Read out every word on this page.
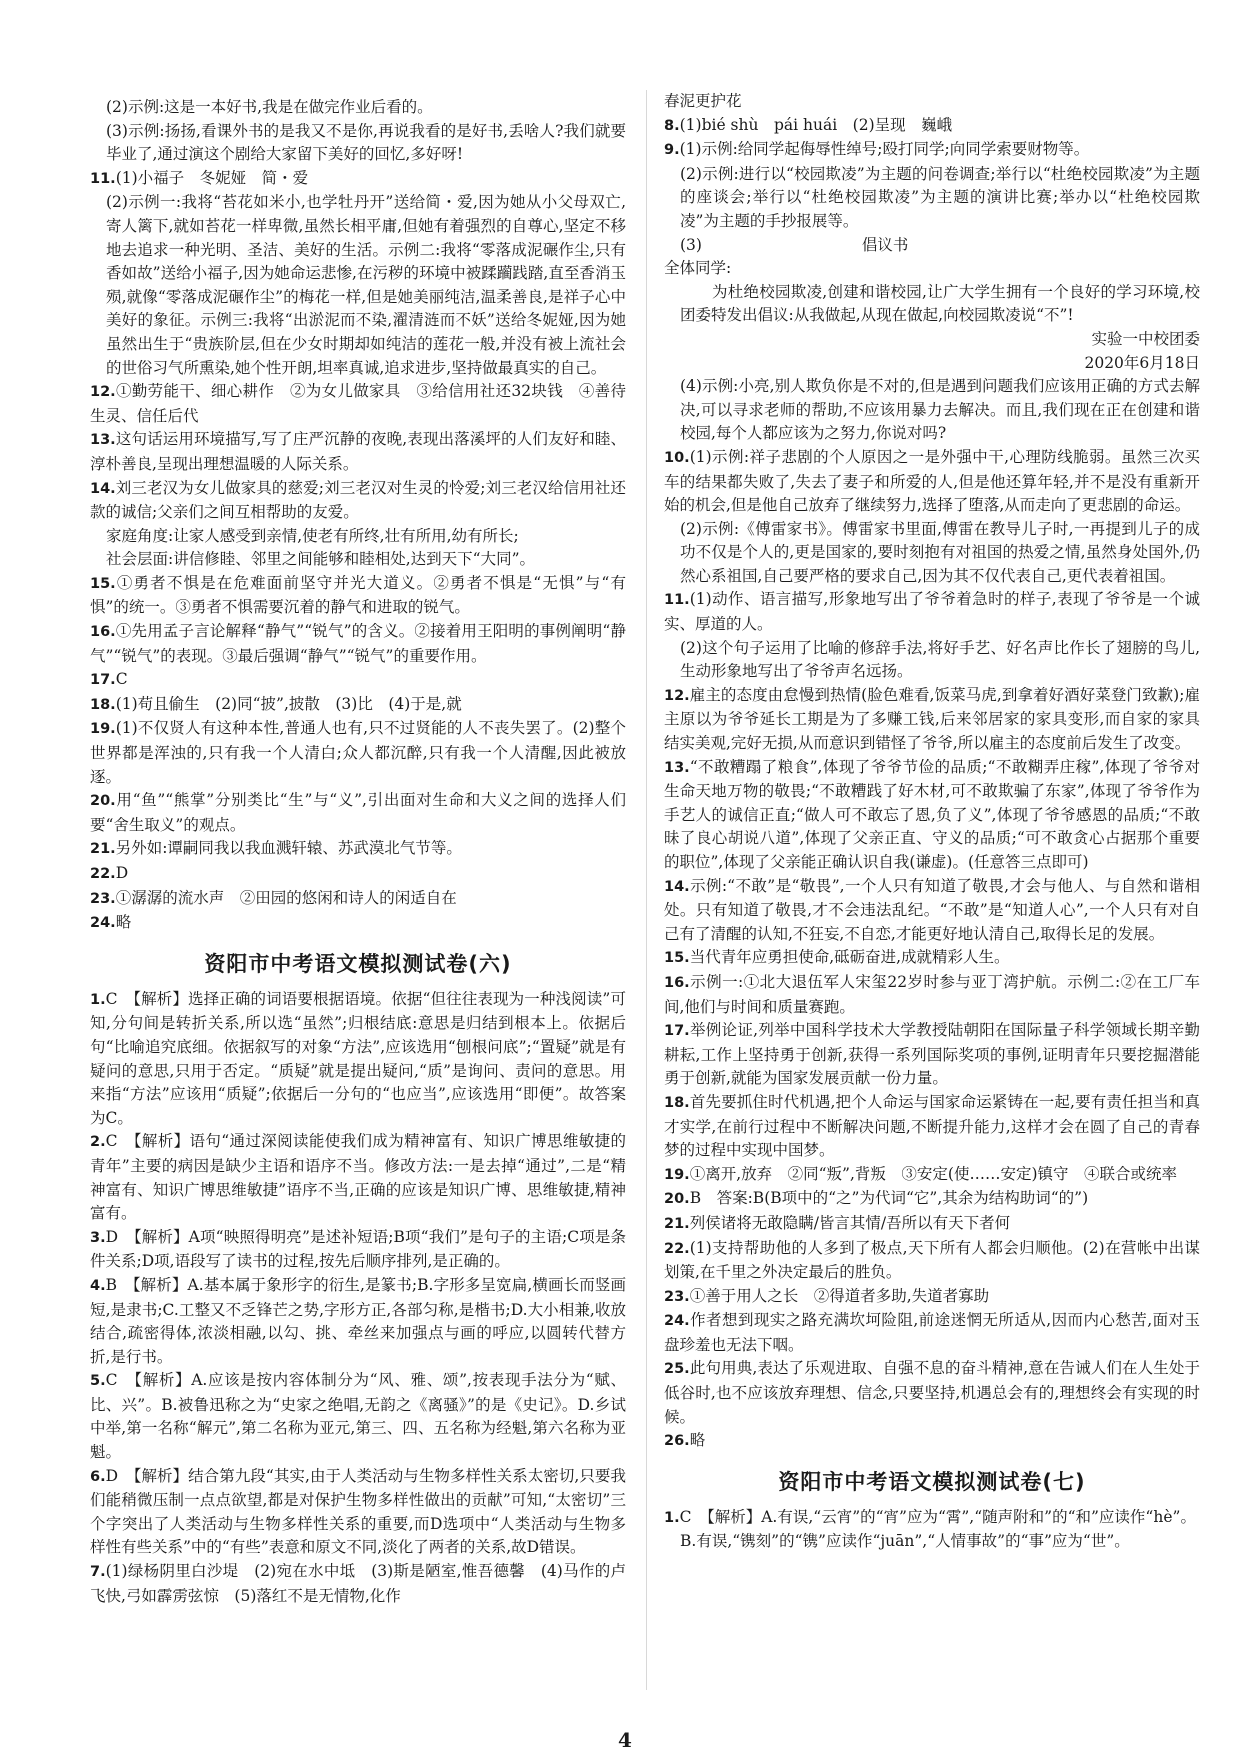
(2)示例:这是一本好书,我是在做完作业后看的。

(3)示例:扬扬,看课外书的是我又不是你,再说我看的是好书,丢啥人?我们就要毕业了,通过演这个剧给大家留下美好的回忆,多好呀!

11.(1)小福子　冬妮娅　简・爱

(2)示例一:我将“苔花如米小,也学牡丹开”送给简・爱,因为她从小父母双亡,寄人篱下,就如苔花一样卑微,虽然长相平庸,但她有着强烈的自尊心,坚定不移地去追求一种光明、圣洁、美好的生活。示例二:我将“零落成泥碾作尘,只有香如故”送给小福子,因为她命运悲惨,在污秽的环境中被蹂躏践踏,直至香消玉殒,就像“零落成泥碾作尘”的梅花一样,但是她美丽纯洁,温柔善良,是祥子心中美好的象征。示例三:我将“出淤泥而不染,濯清涟而不妖”送给冬妮娅,因为她虽然出生于“贵族阶层,但在少女时期却如纯洁的莲花一般,并没有被上流社会的世俗习气所熏染,她个性开朗,坦率真诚,追求进步,坚持做最真实的自己。

12.①勤劳能干、细心耕作　②为女儿做家具　③给信用社还32块钱　④善待生灵、信任后代

13.这句话运用环境描写,写了庄严沉静的夜晚,表现出落溪坪的人们友好和睦、淳朴善良,呈现出理想温暖的人际关系。

14.刘三老汉为女儿做家具的慈爱;刘三老汉对生灵的怜爱;刘三老汉给信用社还款的诚信;父亲们之间互相帮助的友爱。

家庭角度:让家人感受到亲情,使老有所终,壮有所用,幼有所长;

社会层面:讲信修睦、邻里之间能够和睦相处,达到天下“大同”。

15.①勇者不惧是在危难面前坚守并光大道义。②勇者不惧是“无惧”与“有惧”的统一。③勇者不惧需要沉着的静气和进取的锐气。

16.①先用孟子言论解释“静气”“锐气”的含义。②接着用王阳明的事例阐明“静气”“锐气”的表现。③最后强调“静气”“锐气”的重要作用。

17.C

18.(1)苟且偷生　(2)同“披”,披散　(3)比　(4)于是,就

19.(1)不仅贤人有这种本性,普通人也有,只不过贤能的人不丧失罢了。(2)整个世界都是浑浊的,只有我一个人清白;众人都沉醉,只有我一个人清醒,因此被放逐。

20.用“鱼”“熊掌”分别类比“生”与“义”,引出面对生命和大义之间的选择人们要“舍生取义”的观点。

21.另外如:谭嗣同我以我血溅轩辕、苏武漠北气节等。

22.D

23.①潺潺的流水声　②田园的悠闲和诗人的闲适自在

24.略

资阳市中考语文模拟测试卷(六)

1.C　【解析】选择正确的词语要根据语境。依据“但往往表现为一种浅阅读”可知,分句间是转折关系,所以选“虽然”;归根结底:意思是归结到根本上。依据后句“比喻追究底细。依据叙写的对象“方法”,应该选用“刨根问底”;“置疑”就是有疑问的意思,只用于否定。“质疑”就是提出疑问,“质”是询问、责问的意思。用来指“方法”应该用“质疑”;依据后一分句的“也应当”,应该选用“即便”。故答案为C。

2.C　【解析】语句“通过深阅读能使我们成为精神富有、知识广博思维敏捷的青年”主要的病因是缺少主语和语序不当。修改方法:一是去掉“通过”,二是“精神富有、知识广博思维敏捷”语序不当,正确的应该是知识广博、思维敏捷,精神富有。

3.D　【解析】A项“映照得明亮”是述补短语;B项“我们”是句子的主语;C项是条件关系;D项,语段写了读书的过程,按先后顺序排列,是正确的。

4.B　【解析】A.基本属于象形字的衍生,是篆书;B.字形多呈宽扁,横画长而竖画短,是隶书;C.工整又不乏锋芒之势,字形方正,各部匀称,是楷书;D.大小相兼,收放结合,疏密得体,浓淡相融,以勾、挑、牵丝来加强点与画的呼应,以圆转代替方折,是行书。

5.C　【解析】A.应该是按内容体制分为“风、雅、颂”,按表现手法分为“赋、比、兴”。B.被鲁迅称之为“史家之绝唱,无韵之《离骚》”的是《史记》。D.乡试中举,第一名称“解元”,第二名称为亚元,第三、四、五名称为经魁,第六名称为亚魁。

6.D　【解析】结合第九段“其实,由于人类活动与生物多样性关系太密切,只要我们能稍微压制一点点欲望,都是对保护生物多样性做出的贡献”可知,“太密切”三个字突出了人类活动与生物多样性关系的重要,而D选项中“人类活动与生物多样性有些关系”中的“有些”表意和原文不同,淡化了两者的关系,故D错误。

7.(1)绿杨阴里白沙堤　(2)宛在水中坻　(3)斯是陋室,惟吾德馨　(4)马作的卢飞快,弓如霹雳弦惊　(5)落红不是无情物,化作

春泥更护花

8.(1)bié shù　pái huái　(2)呈现　巍峨

9.(1)示例:给同学起侮辱性绰号;殴打同学;向同学索要财物等。

(2)示例:进行以“校园欺凌”为主题的问卷调查;举行以“杜绝校园欺凌”为主题的座谈会;举行以“杜绝校园欺凌”为主题的演讲比赛;举办以“杜绝校园欺凌”为主题的手抄报展等。

(3)	倡议书

全体同学:

为杜绝校园欺凌,创建和谐校园,让广大学生拥有一个良好的学习环境,校团委特发出倡议:从我做起,从现在做起,向校园欺凌说“不”!

实验一中校团委

2020年6月18日

(4)示例:小亮,别人欺负你是不对的,但是遇到问题我们应该用正确的方式去解决,可以寻求老师的帮助,不应该用暴力去解决。而且,我们现在正在创建和谐校园,每个人都应该为之努力,你说对吗?

10.(1)示例:祥子悲剧的个人原因之一是外强中干,心理防线脆弱。虽然三次买车的结果都失败了,失去了妻子和所爱的人,但是他还算年轻,并不是没有重新开始的机会,但是他自己放弃了继续努力,选择了堕落,从而走向了更悲剧的命运。

(2)示例:《傅雷家书》。傅雷家书里面,傅雷在教导儿子时,一再提到儿子的成功不仅是个人的,更是国家的,要时刻抱有对祖国的热爱之情,虽然身处国外,仍然心系祖国,自己要严格的要求自己,因为其不仅代表自己,更代表着祖国。

11.(1)动作、语言描写,形象地写出了爷爷着急时的样子,表现了爷爷是一个诚实、厚道的人。

(2)这个句子运用了比喻的修辞手法,将好手艺、好名声比作长了翅膀的鸟儿,生动形象地写出了爷爷声名远扬。

12.雇主的态度由怠慢到热情(脸色难看,饭菜马虎,到拿着好酒好菜登门致歉);雇主原以为爷爷延长工期是为了多赚工钱,后来邻居家的家具变形,而自家的家具结实美观,完好无损,从而意识到错怪了爷爷,所以雇主的态度前后发生了改变。

13.“不敢糟蹋了粮食”,体现了爷爷节俭的品质;“不敢糊弄庄稼”,体现了爷爷对生命天地万物的敬畏;“不敢糟践了好木材,可不敢欺骗了东家”,体现了爷爷作为手艺人的诚信正直;“做人可不敢忘了恩,负了义”,体现了爷爷感恩的品质;“不敢昧了良心胡说八道”,体现了父亲正直、守义的品质;“可不敢贪心占据那个重要的职位”,体现了父亲能正确认识自我(谦虚)。(任意答三点即可)

14.示例:“不敢”是“敬畏”,一个人只有知道了敬畏,才会与他人、与自然和谐相处。只有知道了敬畏,才不会违法乱纪。“不敢”是“知道人心”,一个人只有对自己有了清醒的认知,不狂妄,不自恋,才能更好地认清自己,取得长足的发展。

15.当代青年应勇担使命,砥砺奋进,成就精彩人生。

16.示例一:①北大退伍军人宋玺22岁时参与亚丁湾护航。示例二:②在工厂车间,他们与时间和质量赛跑。

17.举例论证,列举中国科学技术大学教授陆朝阳在国际量子科学领域长期辛勤耕耘,工作上坚持勇于创新,获得一系列国际奖项的事例,证明青年只要挖掘潜能勇于创新,就能为国家发展贡献一份力量。

18.首先要抓住时代机遇,把个人命运与国家命运紧铸在一起,要有责任担当和真才实学,在前行过程中不断解决问题,不断提升能力,这样才会在圆了自己的青春梦的过程中实现中国梦。

19.①离开,放弃　②同“叛”,背叛　③安定(使……安定)镇守　④联合或统率

20.B　答案:B(B项中的“之”为代词“它”,其余为结构助词“的”)

21.列侯诸将无敢隐瞒/皆言其情/吾所以有天下者何

22.(1)支持帮助他的人多到了极点,天下所有人都会归顺他。(2)在营帐中出谋划策,在千里之外决定最后的胜负。

23.①善于用人之长　②得道者多助,失道者寡助

24.作者想到现实之路充满坎坷险阻,前途迷惘无所适从,因而内心愁苦,面对玉盘珍羞也无法下咽。

25.此句用典,表达了乐观进取、自强不息的奋斗精神,意在告诫人们在人生处于低谷时,也不应该放弃理想、信念,只要坚持,机遇总会有的,理想终会有实现的时候。

26.略

资阳市中考语文模拟测试卷(七)

1.C　【解析】A.有误,“云宵”的“宵”应为“霄”,“随声附和”的“和”应读作“hè”。

B.有误,“镌刻”的“镌”应读作“juān”,“人情事故”的“事”应为“世”。

4
